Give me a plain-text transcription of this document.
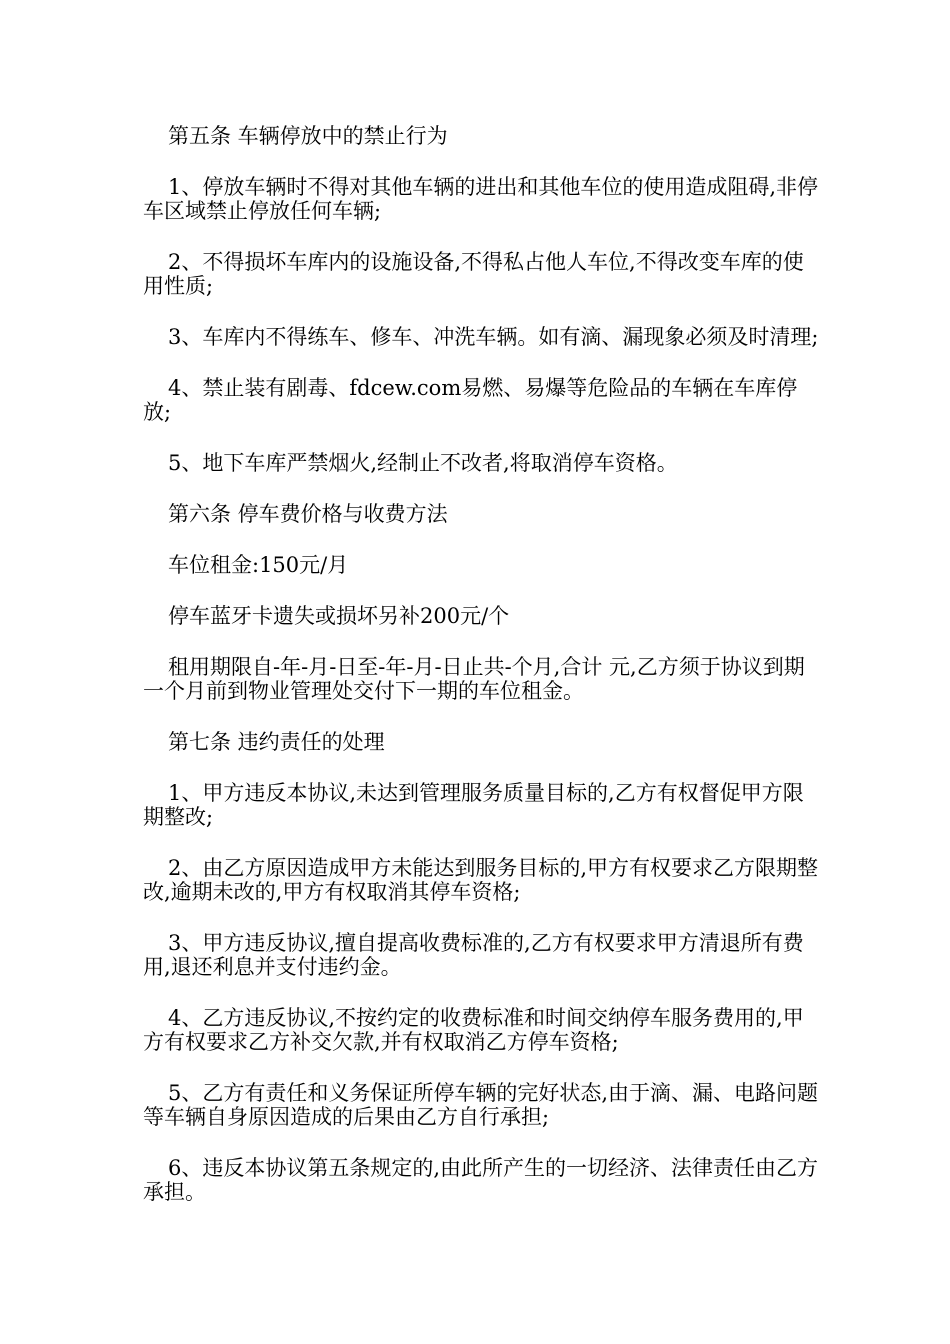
第五条 车辆停放中的禁止行为

1、停放车辆时不得对其他车辆的进出和其他车位的使用造成阻碍,非停车区域禁止停放任何车辆;

2、不得损坏车库内的设施设备,不得私占他人车位,不得改变车库的使用性质;

3、车库内不得练车、修车、冲洗车辆。如有滴、漏现象必须及时清理;

4、禁止装有剧毒、fdcew.com易燃、易爆等危险品的车辆在车库停放;

5、地下车库严禁烟火,经制止不改者,将取消停车资格。

第六条 停车费价格与收费方法

车位租金:150元/月

停车蓝牙卡遗失或损坏另补200元/个

租用期限自-年-月-日至-年-月-日止共-个月,合计 元,乙方须于协议到期一个月前到物业管理处交付下一期的车位租金。

第七条 违约责任的处理

1、甲方违反本协议,未达到管理服务质量目标的,乙方有权督促甲方限期整改;

2、由乙方原因造成甲方未能达到服务目标的,甲方有权要求乙方限期整改,逾期未改的,甲方有权取消其停车资格;

3、甲方违反协议,擅自提高收费标准的,乙方有权要求甲方清退所有费用,退还利息并支付违约金。

4、乙方违反协议,不按约定的收费标准和时间交纳停车服务费用的,甲方有权要求乙方补交欠款,并有权取消乙方停车资格;

5、乙方有责任和义务保证所停车辆的完好状态,由于滴、漏、电路问题等车辆自身原因造成的后果由乙方自行承担;

6、违反本协议第五条规定的,由此所产生的一切经济、法律责任由乙方承担。
